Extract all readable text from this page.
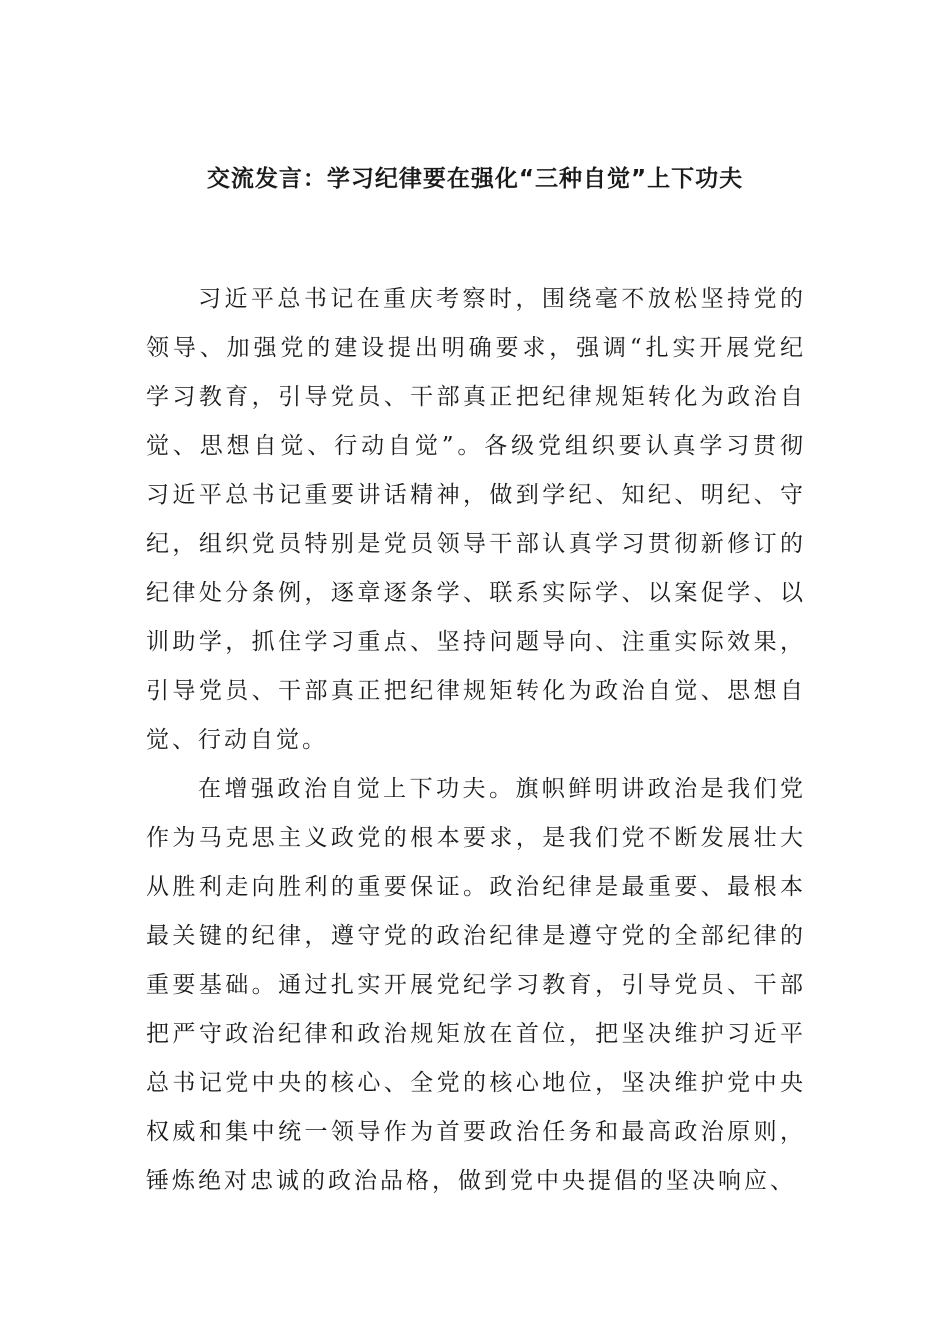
交流发言：学习纪律要在强化“三种自觉”上下功夫

习近平总书记在重庆考察时，围绕毫不放松坚持党的领导、加强党的建设提出明确要求，强调“扎实开展党纪学习教育，引导党员、干部真正把纪律规矩转化为政治自觉、思想自觉、行动自觉”。各级党组织要认真学习贯彻习近平总书记重要讲话精神，做到学纪、知纪、明纪、守纪，组织党员特别是党员领导干部认真学习贯彻新修订的纪律处分条例，逐章逐条学、联系实际学、以案促学、以训助学，抓住学习重点、坚持问题导向、注重实际效果，引导党员、干部真正把纪律规矩转化为政治自觉、思想自觉、行动自觉。

在增强政治自觉上下功夫。旗帜鲜明讲政治是我们党作为马克思主义政党的根本要求，是我们党不断发展壮大从胜利走向胜利的重要保证。政治纪律是最重要、最根本最关键的纪律，遵守党的政治纪律是遵守党的全部纪律的重要基础。通过扎实开展党纪学习教育，引导党员、干部把严守政治纪律和政治规矩放在首位，把坚决维护习近平总书记党中央的核心、全党的核心地位，坚决维护党中央权威和集中统一领导作为首要政治任务和最高政治原则，锤炼绝对忠诚的政治品格，做到党中央提倡的坚决响应、
